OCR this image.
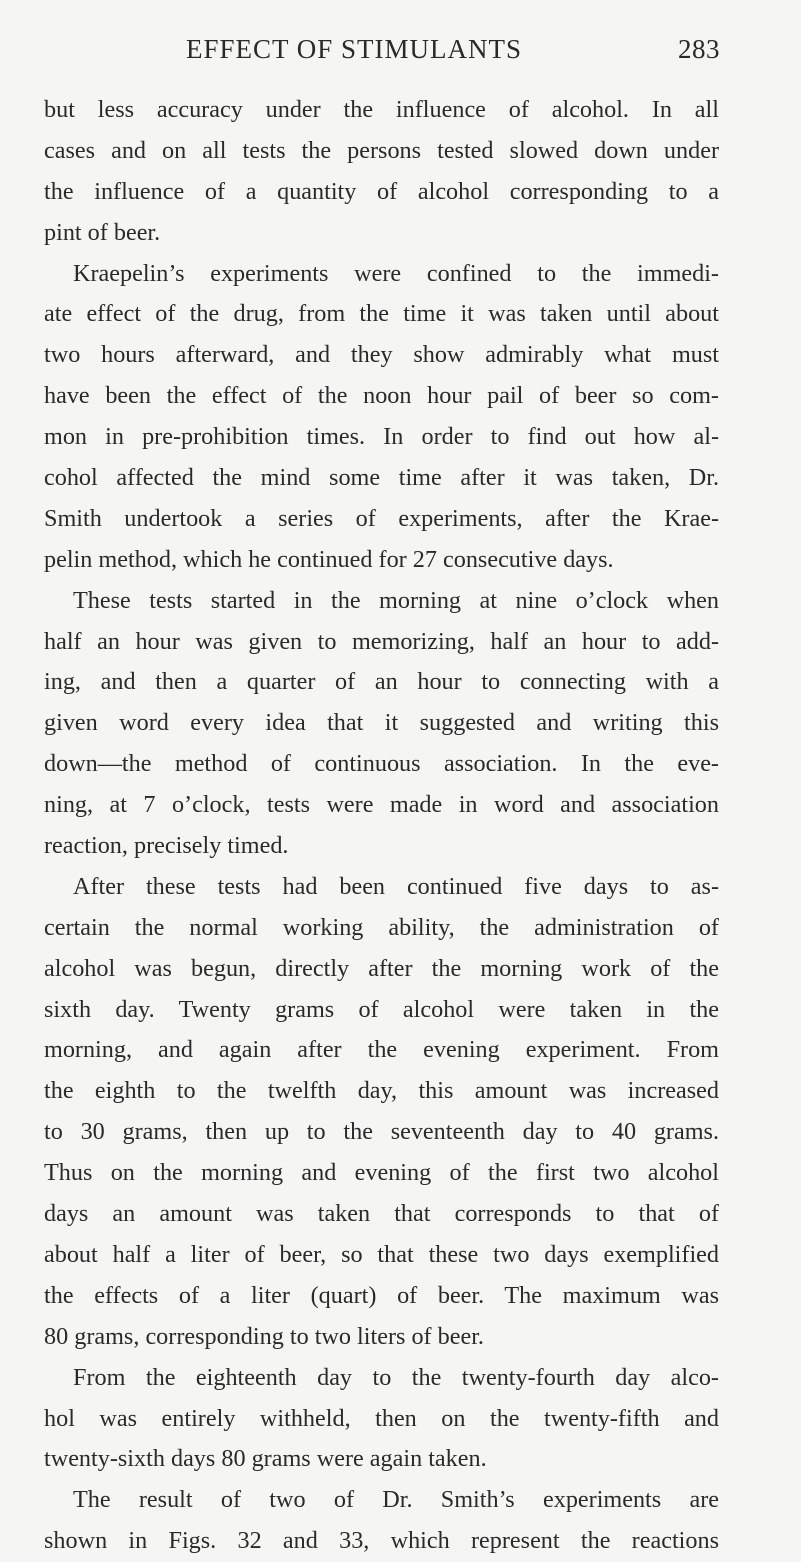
EFFECT OF STIMULANTS	283
but less accuracy under the influence of alcohol. In all
cases and on all tests the persons tested slowed down under
the influence of a quantity of alcohol corresponding to a
pint of beer.
Kraepelin’s experiments were confined to the immedi-
ate effect of the drug, from the time it was taken until about
two hours afterward, and they show admirably what must
have been the effect of the noon hour pail of beer so com-
mon in pre-prohibition times. In order to find out how al-
cohol affected the mind some time after it was taken, Dr.
Smith undertook a series of experiments, after the Krae-
pelin method, which he continued for 27 consecutive days.
These tests started in the morning at nine o’clock when
half an hour was given to memorizing, half an hour to add-
ing, and then a quarter of an hour to connecting with a
given word every idea that it suggested and writing this
down—the method of continuous association. In the eve-
ning, at 7 o’clock, tests were made in word and association
reaction, precisely timed.
After these tests had been continued five days to as-
certain the normal working ability, the administration of
alcohol was begun, directly after the morning work of the
sixth day. Twenty grams of alcohol were taken in the
morning, and again after the evening experiment. From
the eighth to the twelfth day, this amount was increased
to 30 grams, then up to the seventeenth day to 40 grams.
Thus on the morning and evening of the first two alcohol
days an amount was taken that corresponds to that of
about half a liter of beer, so that these two days exemplified
the effects of a liter (quart) of beer. The maximum was
80 grams, corresponding to two liters of beer.
From the eighteenth day to the twenty-fourth day alco-
hol was entirely withheld, then on the twenty-fifth and
twenty-sixth days 80 grams were again taken.
The result of two of Dr. Smith’s experiments are
shown in Figs. 32 and 33, which represent the reactions
